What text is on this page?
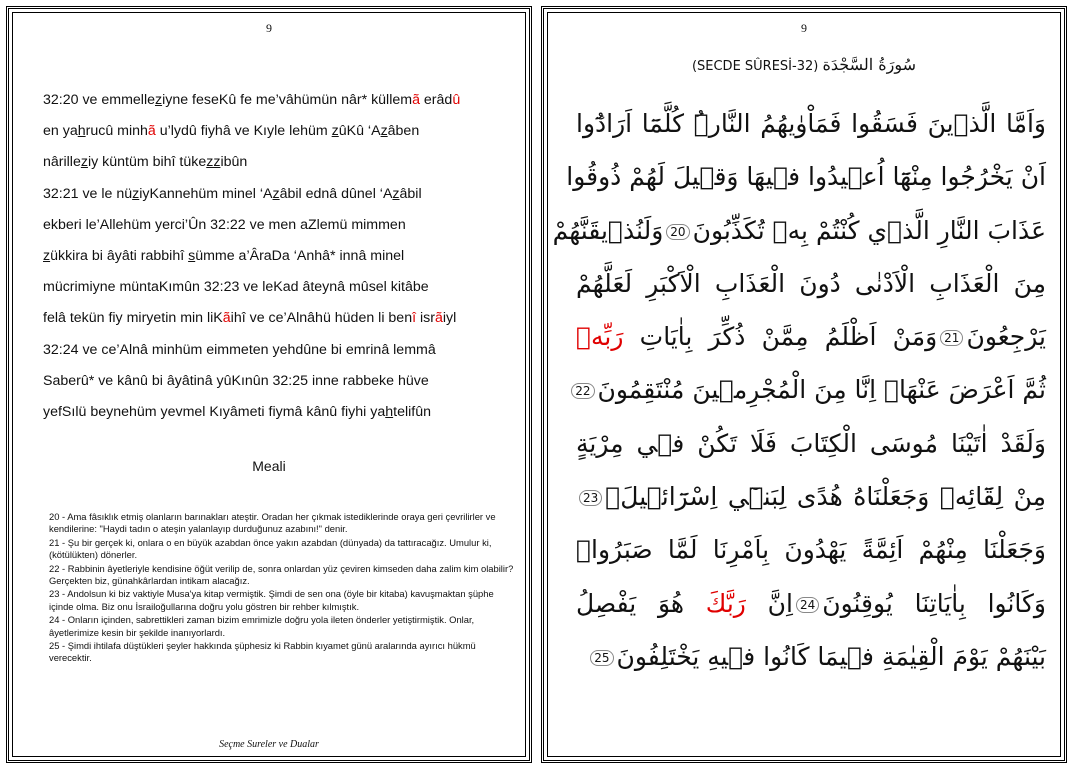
9
32:20 ve emmelleziyne feseKû fe me’vâhümün nâr* küllemã erâdû
en yahrucû minhã u’lydû fiyhâ ve Kıyle lehüm zûKû ‘Azâben
nârilleziy küntüm bihî tükezzibûn
32:21 ve le nüziyKannehüm minel ‘Azâbil ednâ dûnel ‘Azâbil
ekberi le’Allehüm yerci’Ûn 32:22 ve men aZlemü mimmen
zükkira bi âyâti rabbihî sümme a’ÂraDa ‘Anhâ* innâ minel
mücrimiyne müntaKımûn 32:23 ve leKad âteynâ mûsel kitâbe
felâ tekün fiy miryetin min liKãihî ve ce’Alnâhü hüden li benî isrãiyl
32:24 ve ce’Alnâ minhüm eimmeten yehdûne bi emrinâ lemmâ
Saberû* ve kânû bi âyâtinâ yûKınûn 32:25 inne rabbeke hüve
yefSılü beynehüm yevmel Kıyâmeti fiymâ kânû fiyhi yahtelifûn
Meali

20 - Ama fâsıklık etmiş olanların barınakları ateştir. Oradan her çıkmak istediklerinde oraya geri çevrilirler ve kendilerine: "Haydi tadın o ateşin yalanlayıp durduğunuz azabını!" denir.

21 - Şu bir gerçek ki, onlara o en büyük azabdan önce yakın azabdan (dünyada) da tattıracağız. Umulur ki, (kötülükten) dönerler.

22 - Rabbinin âyetleriyle kendisine öğüt verilip de, sonra onlardan yüz çeviren kimseden daha zalim kim olabilir? Gerçekten biz, günahkârlardan intikam alacağız.

23 - Andolsun ki biz vaktiyle Musa'ya kitap vermiştik. Şimdi de sen ona (öyle bir kitaba) kavuşmaktan şüphe içinde olma. Biz onu İsrailoğullarına doğru yolu göstren bir rehber kılmıştık.

24 - Onların içinden, sabrettikleri zaman bizim emrimizle doğru yola ileten önderler yetiştirmiştik. Onlar, âyetlerimize kesin bir şekilde inanıyorlardı.

25 - Şimdi ihtilafa düştükleri şeyler hakkında şüphesiz ki Rabbin kıyamet günü aralarında ayırıcı hükmü verecektir.

Seçme Sureler ve Dualar
9
(SECDE SÛRESİ-32) سُورَةُ السَّجْدَة
وَاَمَّا الَّذ۪ينَ فَسَقُوا فَمَاْوٰيهُمُ النَّارُۜ كُلَّمَٓا اَرَادُٓوا
اَنْ يَخْرُجُوا مِنْهَٓا اُع۪يدُوا ف۪يهَا وَق۪يلَ لَهُمْ ذُوقُوا
عَذَابَ النَّارِ الَّذ۪ي كُنْتُمْ بِه۪ تُكَذِّبُونَ20وَلَنُذ۪يقَنَّهُمْ
مِنَ الْعَذَابِ الْاَدْنٰى دُونَ الْعَذَابِ الْاَكْبَرِ لَعَلَّهُمْ
يَرْجِعُونَ21وَمَنْ اَظْلَمُ مِمَّنْ ذُكِّرَ بِاٰيَاتِ رَبِّه۪
ثُمَّ اَعْرَضَ عَنْهَاۜ اِنَّا مِنَ الْمُجْرِم۪ينَ مُنْتَقِمُونَ22
وَلَقَدْ اٰتَيْنَا مُوسَى الْكِتَابَ فَلَا تَكُنْ ف۪ي مِرْيَةٍ
مِنْ لِقَٓائِه۪ وَجَعَلْنَاهُ هُدًى لِبَن۪ٓي اِسْرَٓائ۪يلَۚ23
وَجَعَلْنَا مِنْهُمْ اَئِمَّةً يَهْدُونَ بِاَمْرِنَا لَمَّا صَبَرُواۜ
وَكَانُوا بِاٰيَاتِنَا يُوقِنُونَ24اِنَّ رَبَّكَ هُوَ يَفْصِلُ
بَيْنَهُمْ يَوْمَ الْقِيٰمَةِ ف۪يمَا كَانُوا ف۪يهِ يَخْتَلِفُونَ25
